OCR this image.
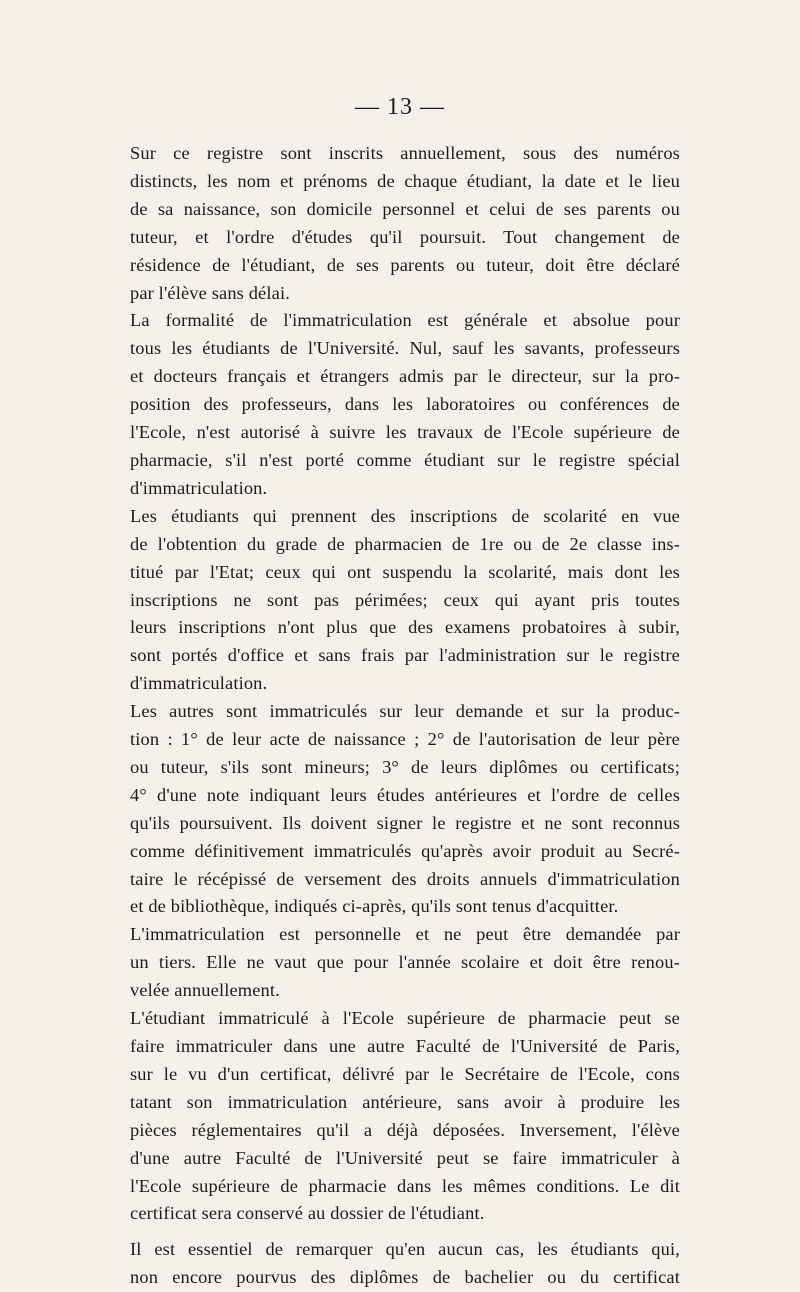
— 13 —

Sur ce registre sont inscrits annuellement, sous des numéros
distincts, les nom et prénoms de chaque étudiant, la date et le lieu
de sa naissance, son domicile personnel et celui de ses parents ou
tuteur, et l'ordre d'études qu'il poursuit. Tout changement de
résidence de l'étudiant, de ses parents ou tuteur, doit être déclaré
par l'élève sans délai.

La formalité de l'immatriculation est générale et absolue pour
tous les étudiants de l'Université. Nul, sauf les savants, professeurs
et docteurs français et étrangers admis par le directeur, sur la pro-
position des professeurs, dans les laboratoires ou conférences de
l'Ecole, n'est autorisé à suivre les travaux de l'Ecole supérieure de
pharmacie, s'il n'est porté comme étudiant sur le registre spécial
d'immatriculation.

Les étudiants qui prennent des inscriptions de scolarité en vue
de l'obtention du grade de pharmacien de 1re ou de 2e classe ins-
titué par l'Etat; ceux qui ont suspendu la scolarité, mais dont les
inscriptions ne sont pas périmées; ceux qui ayant pris toutes
leurs inscriptions n'ont plus que des examens probatoires à subir,
sont portés d'office et sans frais par l'administration sur le registre
d'immatriculation.

Les autres sont immatriculés sur leur demande et sur la produc-
tion : 1° de leur acte de naissance ; 2° de l'autorisation de leur père
ou tuteur, s'ils sont mineurs; 3° de leurs diplômes ou certificats;
4° d'une note indiquant leurs études antérieures et l'ordre de celles
qu'ils poursuivent. Ils doivent signer le registre et ne sont reconnus
comme définitivement immatriculés qu'après avoir produit au Secré-
taire le récépissé de versement des droits annuels d'immatriculation
et de bibliothèque, indiqués ci-après, qu'ils sont tenus d'acquitter.

L'immatriculation est personnelle et ne peut être demandée par
un tiers. Elle ne vaut que pour l'année scolaire et doit être renou-
velée annuellement.

L'étudiant immatriculé à l'Ecole supérieure de pharmacie peut se
faire immatriculer dans une autre Faculté de l'Université de Paris,
sur le vu d'un certificat, délivré par le Secrétaire de l'Ecole, cons
tatant son immatriculation antérieure, sans avoir à produire les
pièces réglementaires qu'il a déjà déposées. Inversement, l'élève
d'une autre Faculté de l'Université peut se faire immatriculer à
l'Ecole supérieure de pharmacie dans les mêmes conditions. Le dit
certificat sera conservé au dossier de l'étudiant.

Il est essentiel de remarquer qu'en aucun cas, les étudiants qui,
non encore pourvus des diplômes de bachelier ou du certificat
